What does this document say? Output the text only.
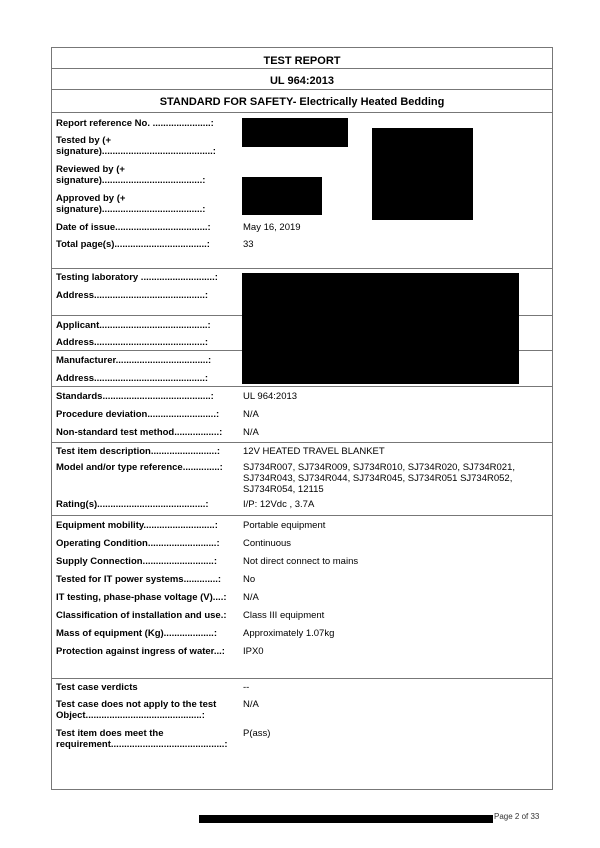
TEST REPORT
UL 964:2013
STANDARD FOR SAFETY- Electrically Heated Bedding
Report reference No. ......................:
Tested by (+ signature)..........................................:
Reviewed by (+ signature)......................................:
Approved by (+ signature)......................................:
Date of issue...................................:	May 16, 2019
Total page(s)...................................:	33
Testing laboratory ............................:
Address..........................................:
Applicant.........................................:
Address..........................................:
Manufacturer...................................:
Address..........................................:
Standards.........................................:	UL 964:2013
Procedure deviation..........................:	N/A
Non-standard test method.................:	N/A
Test item description.........................:	12V HEATED TRAVEL BLANKET
Model and/or type reference..............:	SJ734R007, SJ734R009, SJ734R010, SJ734R020, SJ734R021, SJ734R043, SJ734R044, SJ734R045, SJ734R051 SJ734R052, SJ734R054, 12115
Rating(s).........................................:	I/P: 12Vdc , 3.7A
Equipment mobility...........................:	Portable equipment
Operating Condition..........................:	Continuous
Supply Connection...........................:	Not direct connect to mains
Tested for IT power systems.............:	No
IT testing, phase-phase voltage (V)....:	N/A
Classification of installation and use.:	Class III equipment
Mass of equipment (Kg)...................:	Approximately 1.07kg
Protection against ingress of water...:	IPX0
Test case verdicts	--
Test case does not apply to the test Object............................................:
N/A
Test item does meet the requirement...........................................:
P(ass)
Page 2 of 33
